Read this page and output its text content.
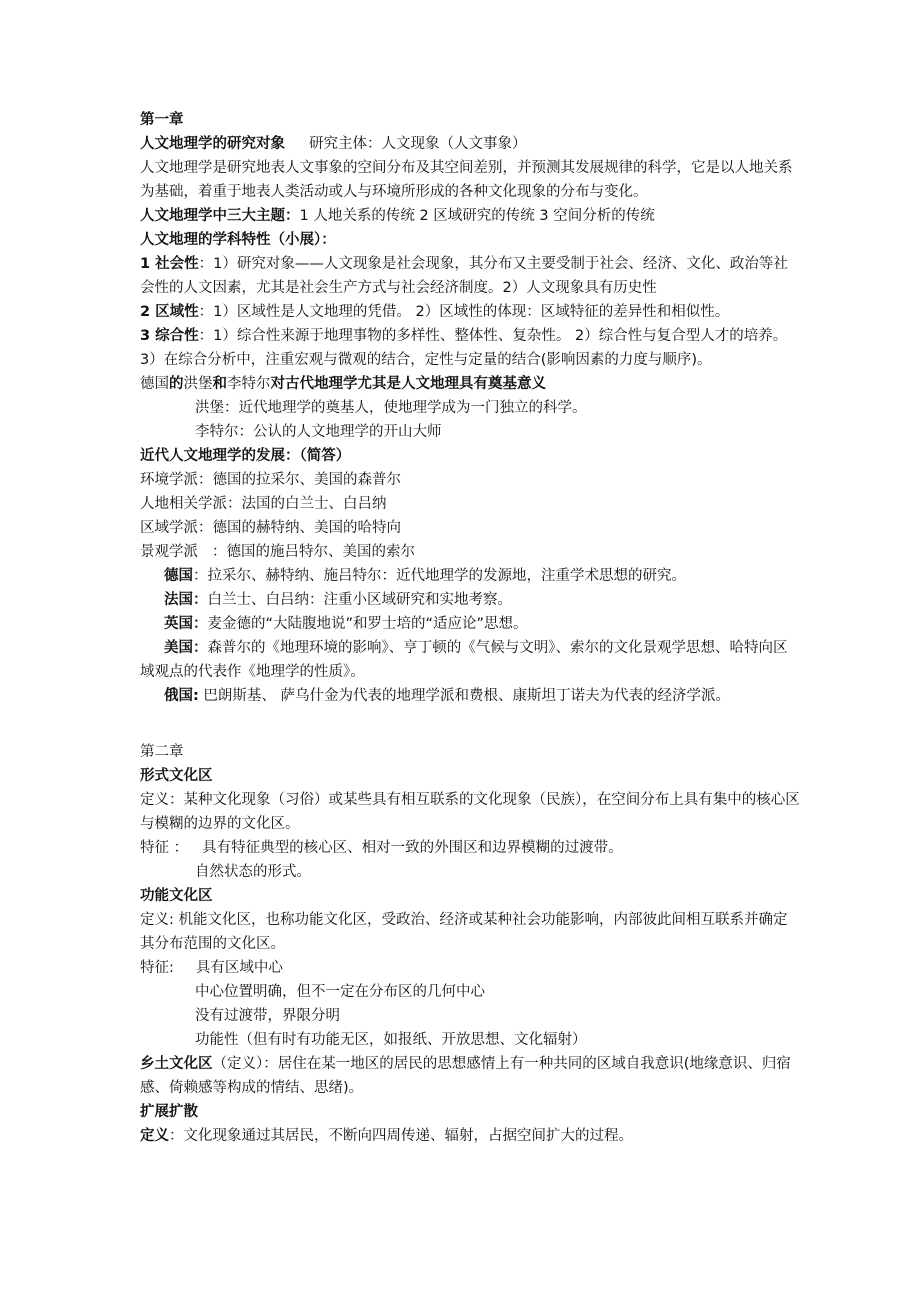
第一章
人文地理学的研究对象 研究主体：人文现象（人文事象）
人文地理学是研究地表人文事象的空间分布及其空间差别，并预测其发展规律的科学，它是以人地关系为基础，着重于地表人类活动或人与环境所形成的各种文化现象的分布与变化。
人文地理学中三大主题：1 人地关系的传统 2 区域研究的传统 3 空间分析的传统
人文地理的学科特性（小展）：
1 社会性：1）研究对象——人文现象是社会现象，其分布又主要受制于社会、经济、文化、政治等社会性的人文因素，尤其是社会生产方式与社会经济制度。2）人文现象具有历史性
2 区域性：1）区域性是人文地理的凭借。 2）区域性的体现：区域特征的差异性和相似性。
3 综合性：1）综合性来源于地理事物的多样性、整体性、复杂性。 2）综合性与复合型人才的培养。 3）在综合分析中，注重宏观与微观的结合，定性与定量的结合(影响因素的力度与顺序)。
德国的洪堡和李特尔对古代地理学尤其是人文地理具有奠基意义
洪堡：近代地理学的奠基人，使地理学成为一门独立的科学。
李特尔：公认的人文地理学的开山大师
近代人文地理学的发展：（简答）
环境学派：德国的拉采尔、美国的森普尔
人地相关学派：法国的白兰士、白吕纳
区域学派：德国的赫特纳、美国的哈特向
景观学派 ：德国的施吕特尔、美国的索尔
德国：拉采尔、赫特纳、施吕特尔：近代地理学的发源地，注重学术思想的研究。
法国：白兰士、白吕纳：注重小区域研究和实地考察。
英国：麦金德的“大陆腹地说”和罗士培的“适应论”思想。
美国：森普尔的《地理环境的影响》、亨丁顿的《气候与文明》、索尔的文化景观学思想、哈特向区域观点的代表作《地理学的性质》。
俄国: 巴朗斯基、 萨乌什金为代表的地理学派和费根、康斯坦丁诺夫为代表的经济学派。
第二章
形式文化区
定义：某种文化现象（习俗）或某些具有相互联系的文化现象（民族），在空间分布上具有集中的核心区与模糊的边界的文化区。
特征 ： 具有特征典型的核心区、相对一致的外围区和边界模糊的过渡带。
自然状态的形式。
功能文化区
定义: 机能文化区，也称功能文化区，受政治、经济或某种社会功能影响，内部彼此间相互联系并确定其分布范围的文化区。
特征: 具有区域中心
中心位置明确，但不一定在分布区的几何中心
没有过渡带，界限分明
功能性（但有时有功能无区，如报纸、开放思想、文化辐射）
乡土文化区（定义）：居住在某一地区的居民的思想感情上有一种共同的区域自我意识(地缘意识、归宿感、倚赖感等构成的情结、思绪)。
扩展扩散
定义：文化现象通过其居民，不断向四周传递、辐射，占据空间扩大的过程。
